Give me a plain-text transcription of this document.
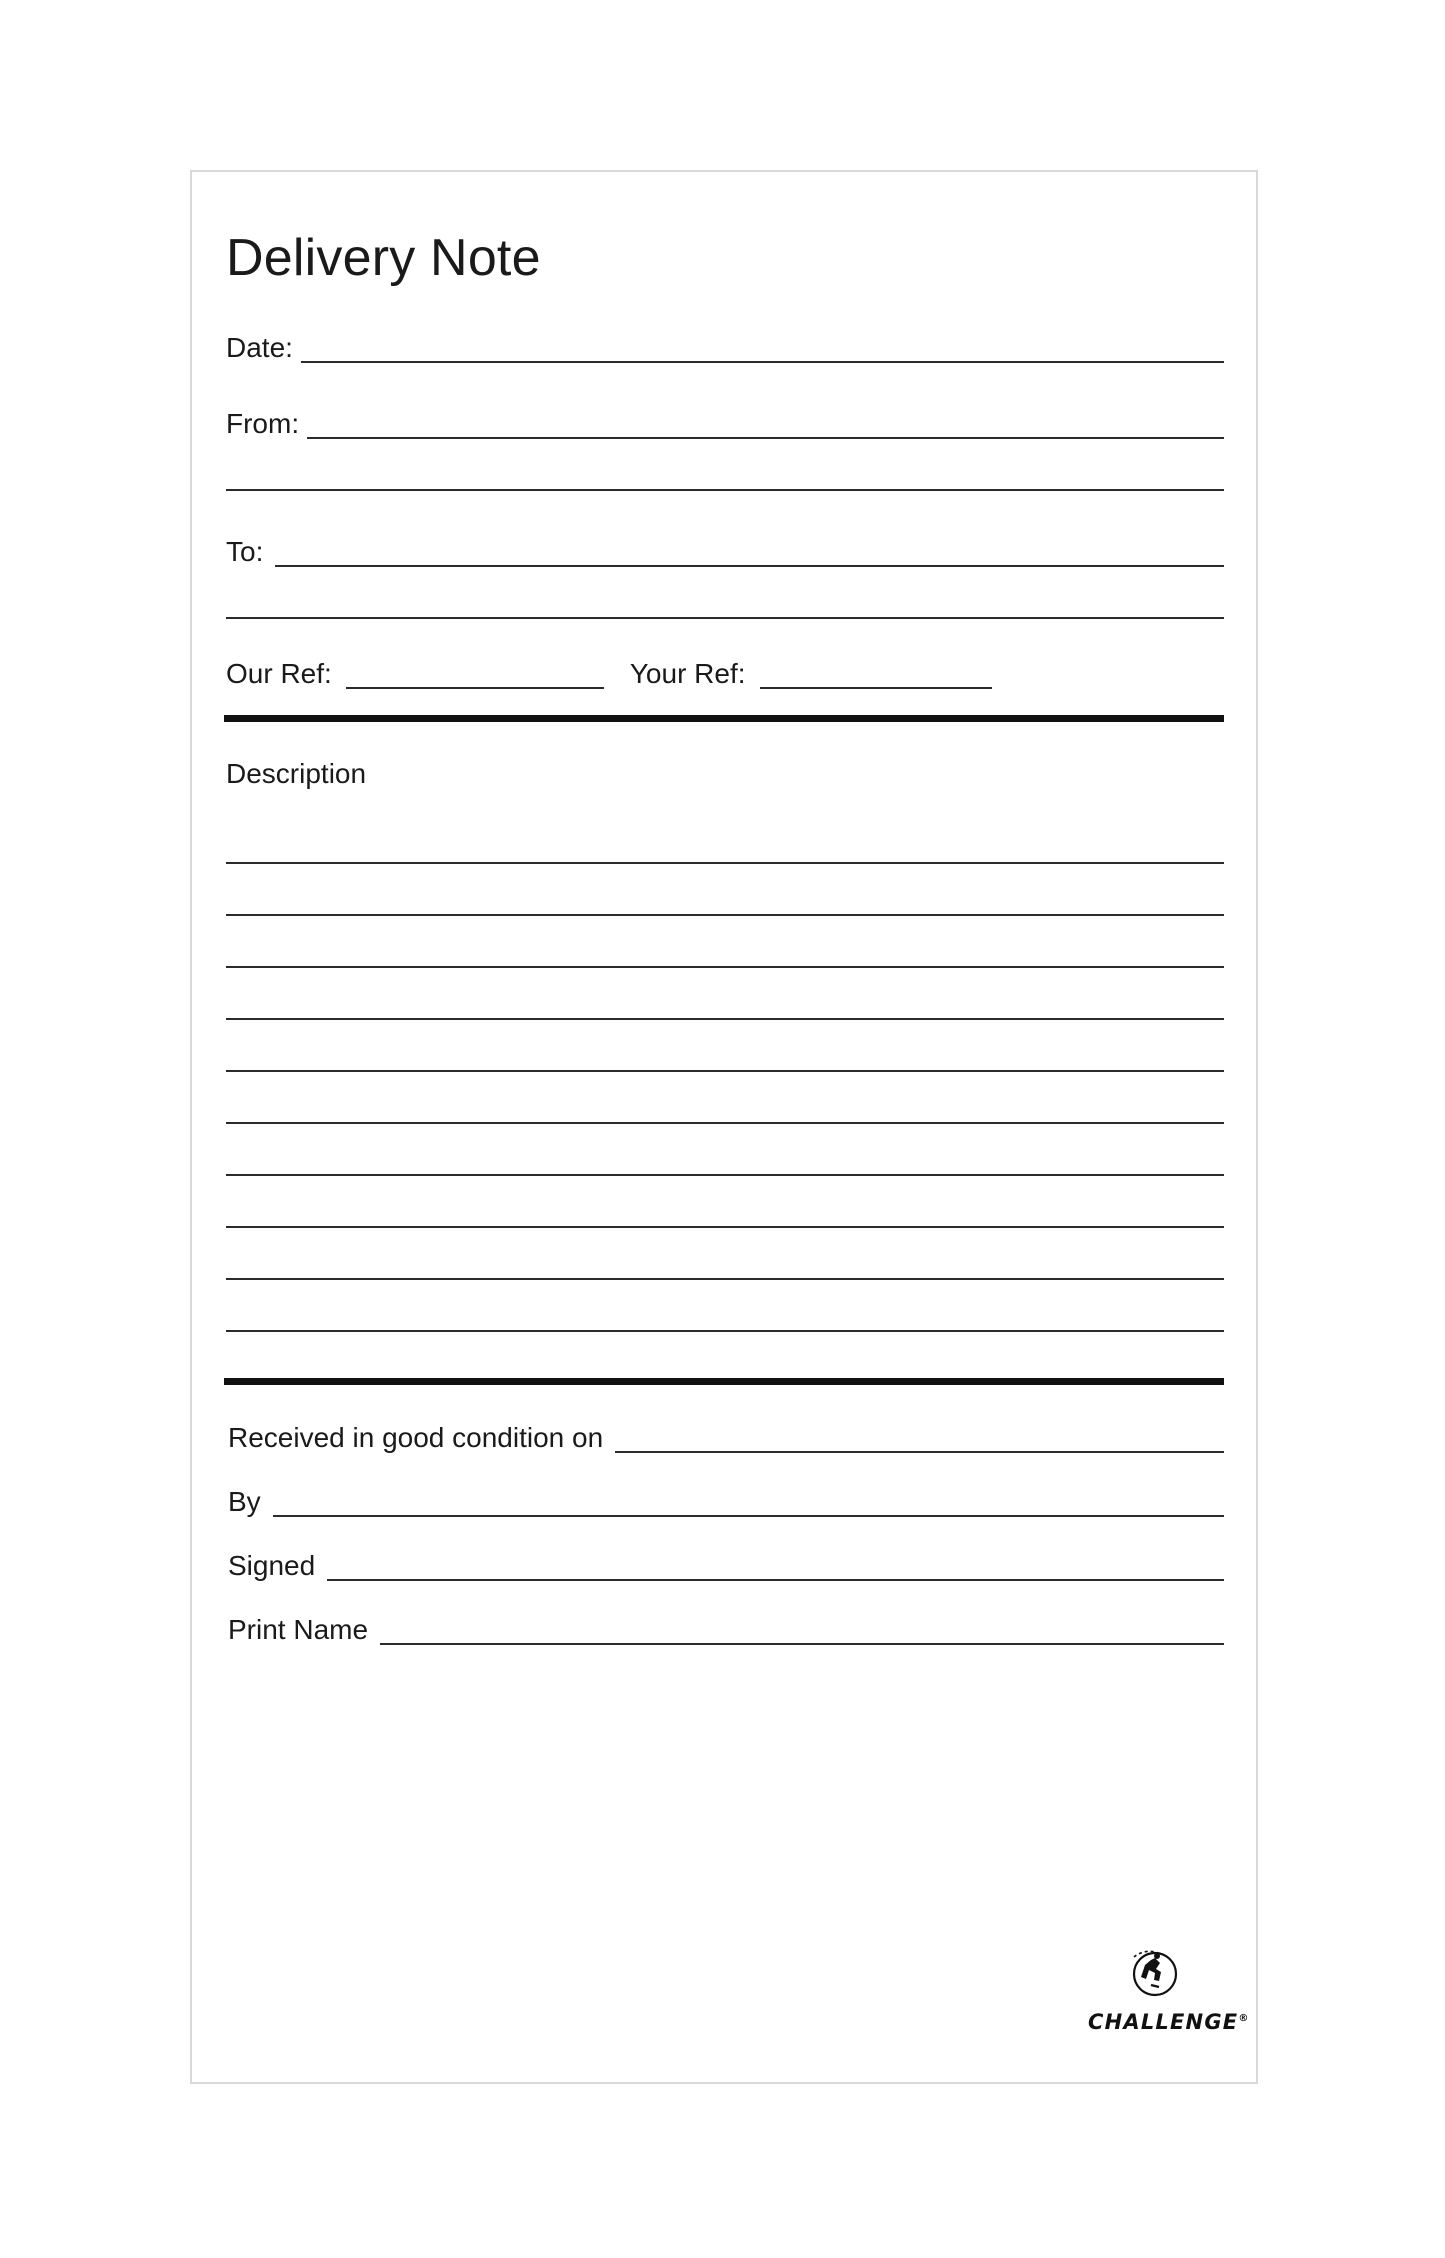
Delivery Note
Date:
From:
To:
Our Ref:	Your Ref:
Description
Received in good condition on
By
Signed
Print Name
CHALLENGE®
